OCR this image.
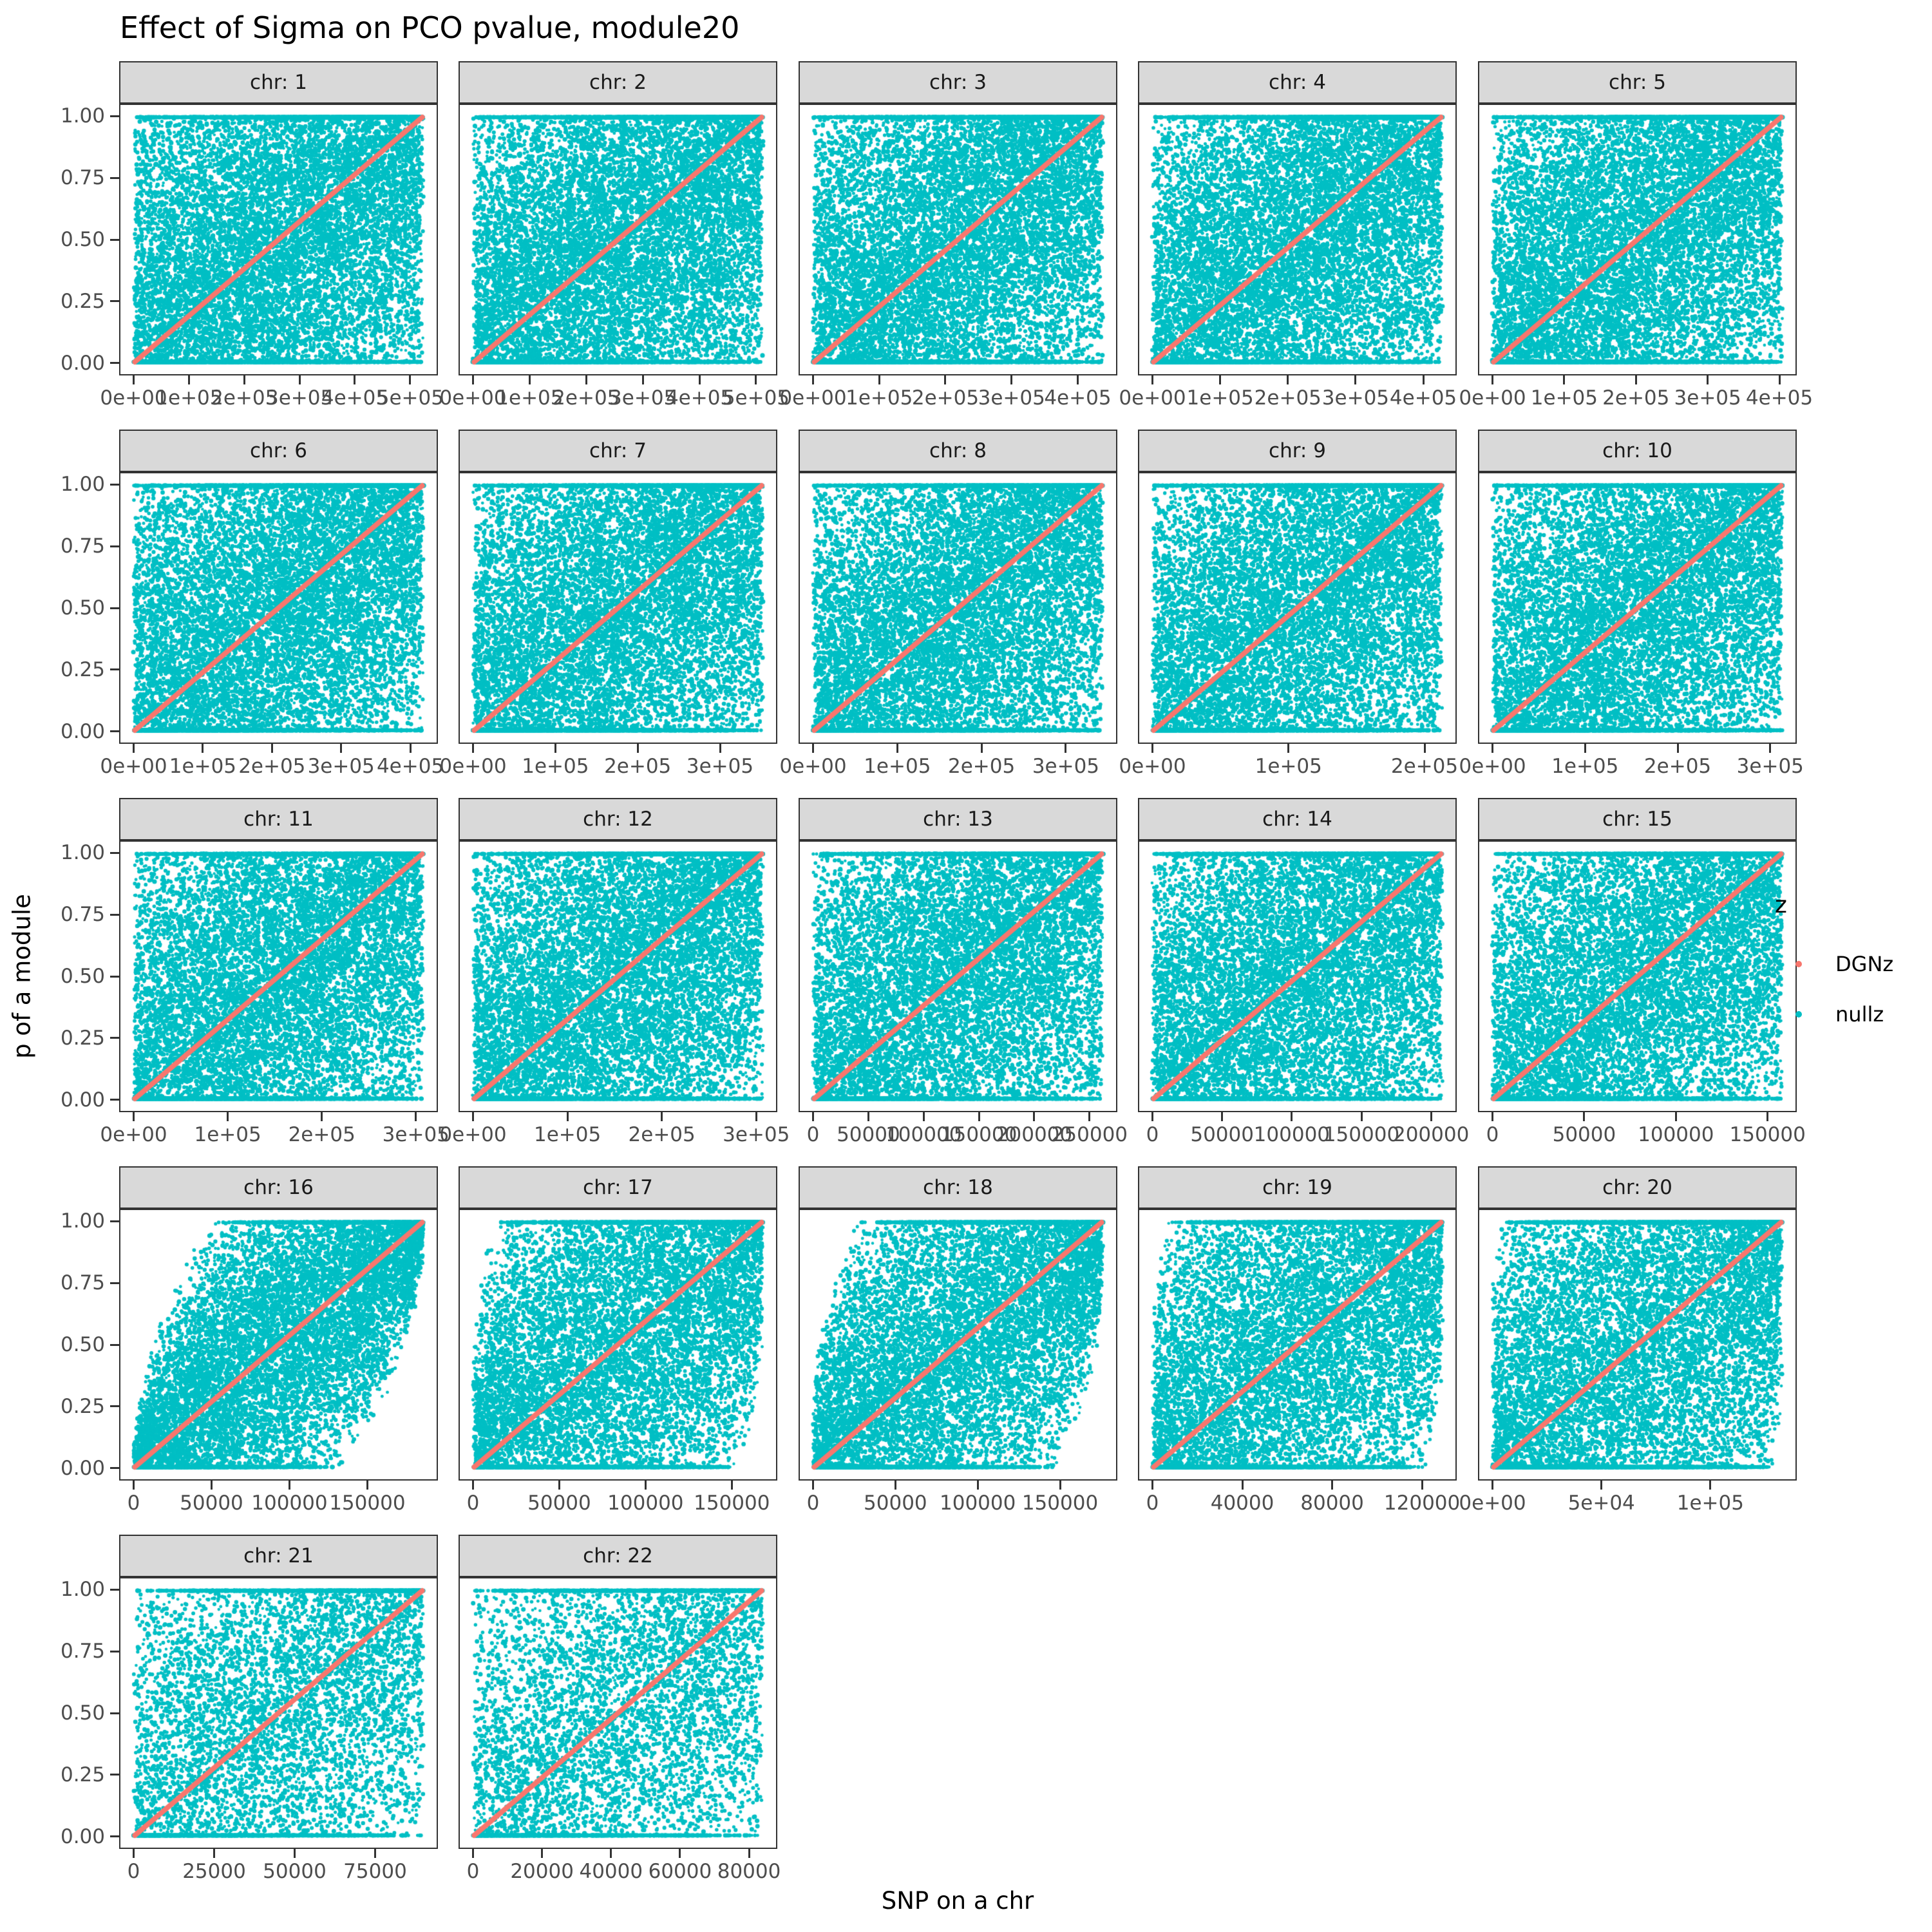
Effect of Sigma on PCO pvalue, module20
chr: 1
0e+00
1e+05
2e+05
3e+05
4e+05
5e+05
1.00
0.75
0.50
0.25
0.00
chr: 2
0e+00
1e+05
2e+05
3e+05
4e+05
5e+05
chr: 3
0e+00
1e+05
2e+05
3e+05
4e+05
chr: 4
0e+00 1e+05 2e+05 3e+05 4e+05
chr: 5
0e+00 1e+05 2e+05 3e+05 4e+05
chr: 6
0e+00 1e+05 2e+05 3e+05 4e+05
1.00
0.75
0.50
0.25
0.00
chr: 7
0e+00 1e+05 2e+05 3e+05
chr: 8
0e+00 1e+05 2e+05 3e+05
chr: 9
0e+00	1e+05	2e+05
chr: 10
0e+00 1e+05 2e+05 3e+05
chr: 11
0e+00 1e+05 2e+05 3e+05
1.00
0.75
0.50
0.25
0.00
chr: 12
0e+00 1e+05 2e+05 3e+05
chr: 13
0 50000
100000
150000
200000
250000
chr: 14
0 50000 100000
150000
200000
chr: 15
0	50000 100000 150000
chr: 16
0 50000 100000 150000
1.00
0.75
0.50
0.25
0.00
chr: 17
0 50000 100000 150000
chr: 18
0 50000 100000 150000
chr: 19
0	40000 80000 120000
chr: 20
0e+00 5e+04 1e+05
chr: 21
0 25000 50000 75000
1.00
0.75
0.50
0.25
0.00
chr: 22
0 20000 40000 60000 80000
SNP on a chr
p of a module	z
DGNz
nullz
